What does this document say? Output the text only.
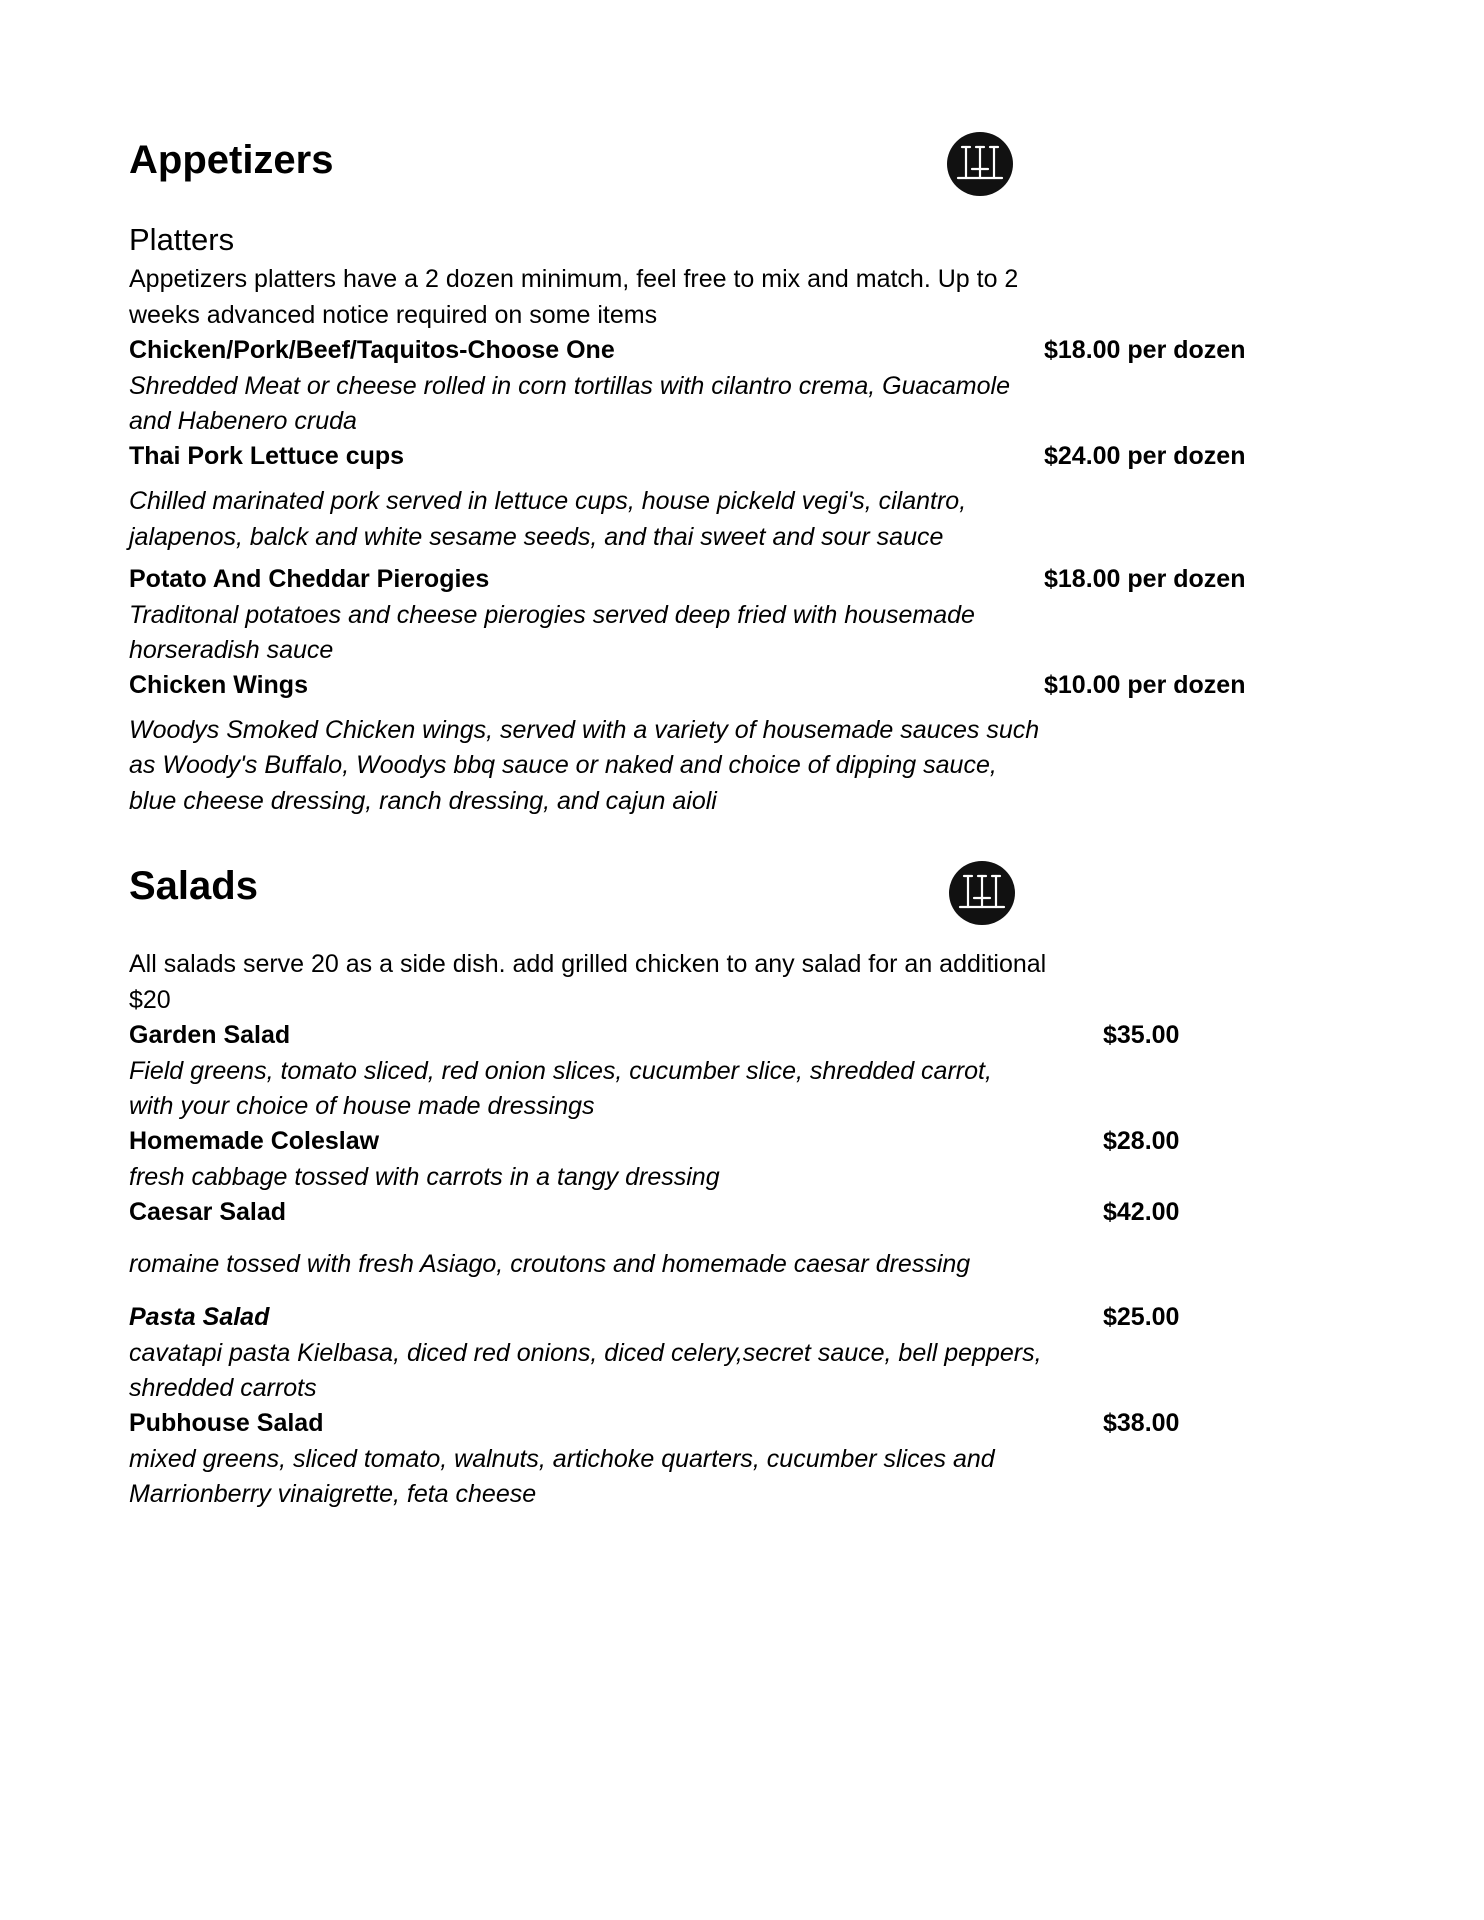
Appetizers
Platters
Appetizers platters have a 2 dozen minimum, feel free to mix and match. Up to 2
weeks advanced notice required on some items
Chicken/Pork/Beef/Taquitos-Choose One	$18.00 per dozen
Shredded Meat or cheese rolled in corn tortillas with cilantro crema, Guacamole
and Habenero cruda
Thai Pork Lettuce cups	$24.00 per dozen
Chilled marinated pork served in lettuce cups, house pickeld vegi's, cilantro,
jalapenos, balck and white sesame seeds, and thai sweet and sour sauce
Potato And Cheddar Pierogies	$18.00 per dozen
Traditonal potatoes and cheese pierogies served deep fried with housemade
horseradish sauce
Chicken Wings	$10.00 per dozen
Woodys Smoked Chicken wings, served with a variety of housemade sauces such
as Woody's Buffalo, Woodys bbq sauce or naked and choice of dipping sauce,
blue cheese dressing, ranch dressing, and cajun aioli
Salads
All salads serve 20 as a side dish. add grilled chicken to any salad for an additional
$20
Garden Salad	$35.00
Field greens, tomato sliced, red onion slices, cucumber slice, shredded carrot,
with your choice of house made dressings
Homemade Coleslaw	$28.00
fresh cabbage tossed with carrots in a tangy dressing
Caesar Salad	$42.00
romaine tossed with fresh Asiago, croutons and homemade caesar dressing
Pasta Salad	$25.00
cavatapi pasta Kielbasa, diced red onions, diced celery,secret sauce, bell peppers,
shredded carrots
Pubhouse Salad	$38.00
mixed greens, sliced tomato, walnuts, artichoke quarters, cucumber slices and
Marrionberry vinaigrette, feta cheese
